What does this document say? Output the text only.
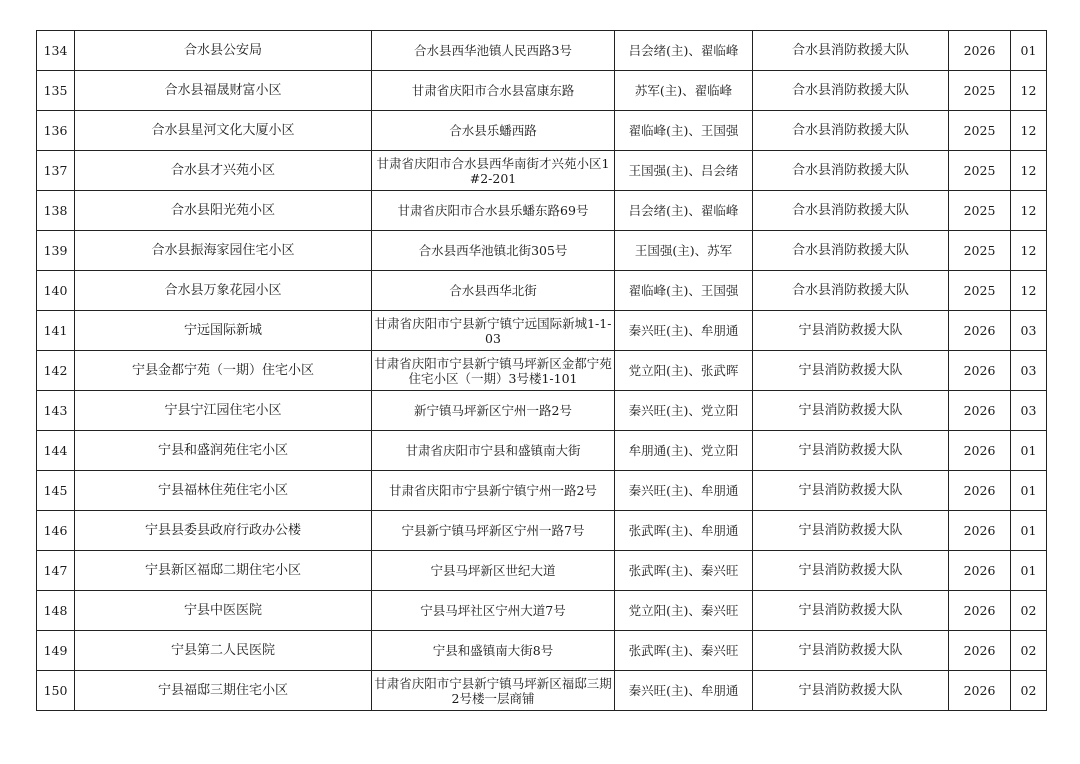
134	合水县公安局	合水县西华池镇人民西路3号	吕会绪(主)、翟临峰	合水县消防救援大队	2026	01
135	合水县福晟财富小区	甘肃省庆阳市合水县富康东路	苏军(主)、翟临峰	合水县消防救援大队	2025	12
136	合水县星河文化大厦小区	合水县乐蟠西路	翟临峰(主)、王国强	合水县消防救援大队	2025	12
137	合水县才兴苑小区	甘肃省庆阳市合水县西华南街才兴苑小区1#2-201	王国强(主)、吕会绪	合水县消防救援大队	2025	12
138	合水县阳光苑小区	甘肃省庆阳市合水县乐蟠东路69号	吕会绪(主)、翟临峰	合水县消防救援大队	2025	12
139	合水县振海家园住宅小区	合水县西华池镇北街305号	王国强(主)、苏军	合水县消防救援大队	2025	12
140	合水县万象花园小区	合水县西华北街	翟临峰(主)、王国强	合水县消防救援大队	2025	12
141	宁远国际新城	甘肃省庆阳市宁县新宁镇宁远国际新城1-1-03	秦兴旺(主)、牟朋通	宁县消防救援大队	2026	03
142	宁县金都宁苑（一期）住宅小区	甘肃省庆阳市宁县新宁镇马坪新区金都宁苑住宅小区（一期）3号楼1-101	党立阳(主)、张武晖	宁县消防救援大队	2026	03
143	宁县宁江园住宅小区	新宁镇马坪新区宁州一路2号	秦兴旺(主)、党立阳	宁县消防救援大队	2026	03
144	宁县和盛润苑住宅小区	甘肃省庆阳市宁县和盛镇南大街	牟朋通(主)、党立阳	宁县消防救援大队	2026	01
145	宁县福林住苑住宅小区	甘肃省庆阳市宁县新宁镇宁州一路2号	秦兴旺(主)、牟朋通	宁县消防救援大队	2026	01
146	宁县县委县政府行政办公楼	宁县新宁镇马坪新区宁州一路7号	张武晖(主)、牟朋通	宁县消防救援大队	2026	01
147	宁县新区福邸二期住宅小区	宁县马坪新区世纪大道	张武晖(主)、秦兴旺	宁县消防救援大队	2026	01
148	宁县中医医院	宁县马坪社区宁州大道7号	党立阳(主)、秦兴旺	宁县消防救援大队	2026	02
149	宁县第二人民医院	宁县和盛镇南大街8号	张武晖(主)、秦兴旺	宁县消防救援大队	2026	02
150	宁县福邸三期住宅小区	甘肃省庆阳市宁县新宁镇马坪新区福邸三期2号楼一层商铺	秦兴旺(主)、牟朋通	宁县消防救援大队	2026	02
